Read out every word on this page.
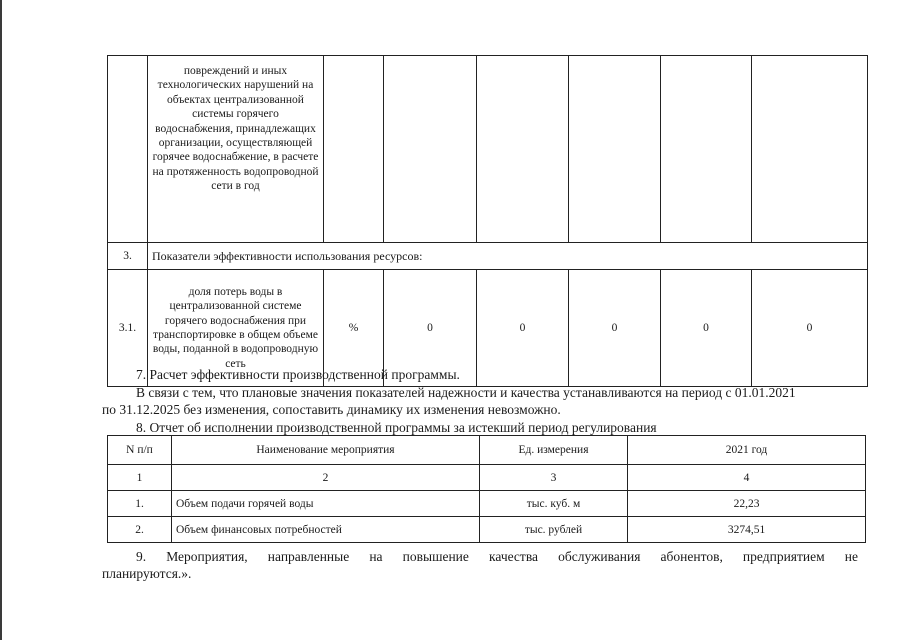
	повреждений и иных технологических нарушений на объектах централизованной системы горячего водоснабжения, принадлежащих организации, осуществляющей горячее водоснабжение, в расчете на протяженность водопроводной сети в год						
3.	Показатели эффективности использования ресурсов:						
3.1.	доля потерь воды в централизованной системе горячего водоснабжения при транспортировке в общем объеме воды, поданной в водопроводную сеть	%	0	0	0	0	0

7. Расчет эффективности производственной программы.

В связи с тем, что плановые значения показателей надежности и качества устанавливаются на период с 01.01.2021

по 31.12.2025 без изменения, сопоставить динамику их изменения невозможно.

8. Отчет об исполнении производственной программы за истекший период регулирования

N п/п	Наименование мероприятия	Ед. измерения	2021 год
1	2	3	4
1.	Объем подачи горячей воды	тыс. куб. м	22,23
2.	Объем финансовых потребностей	тыс. рублей	3274,51

9. Мероприятия, направленные на повышение качества обслуживания абонентов, предприятием не

планируются.».
